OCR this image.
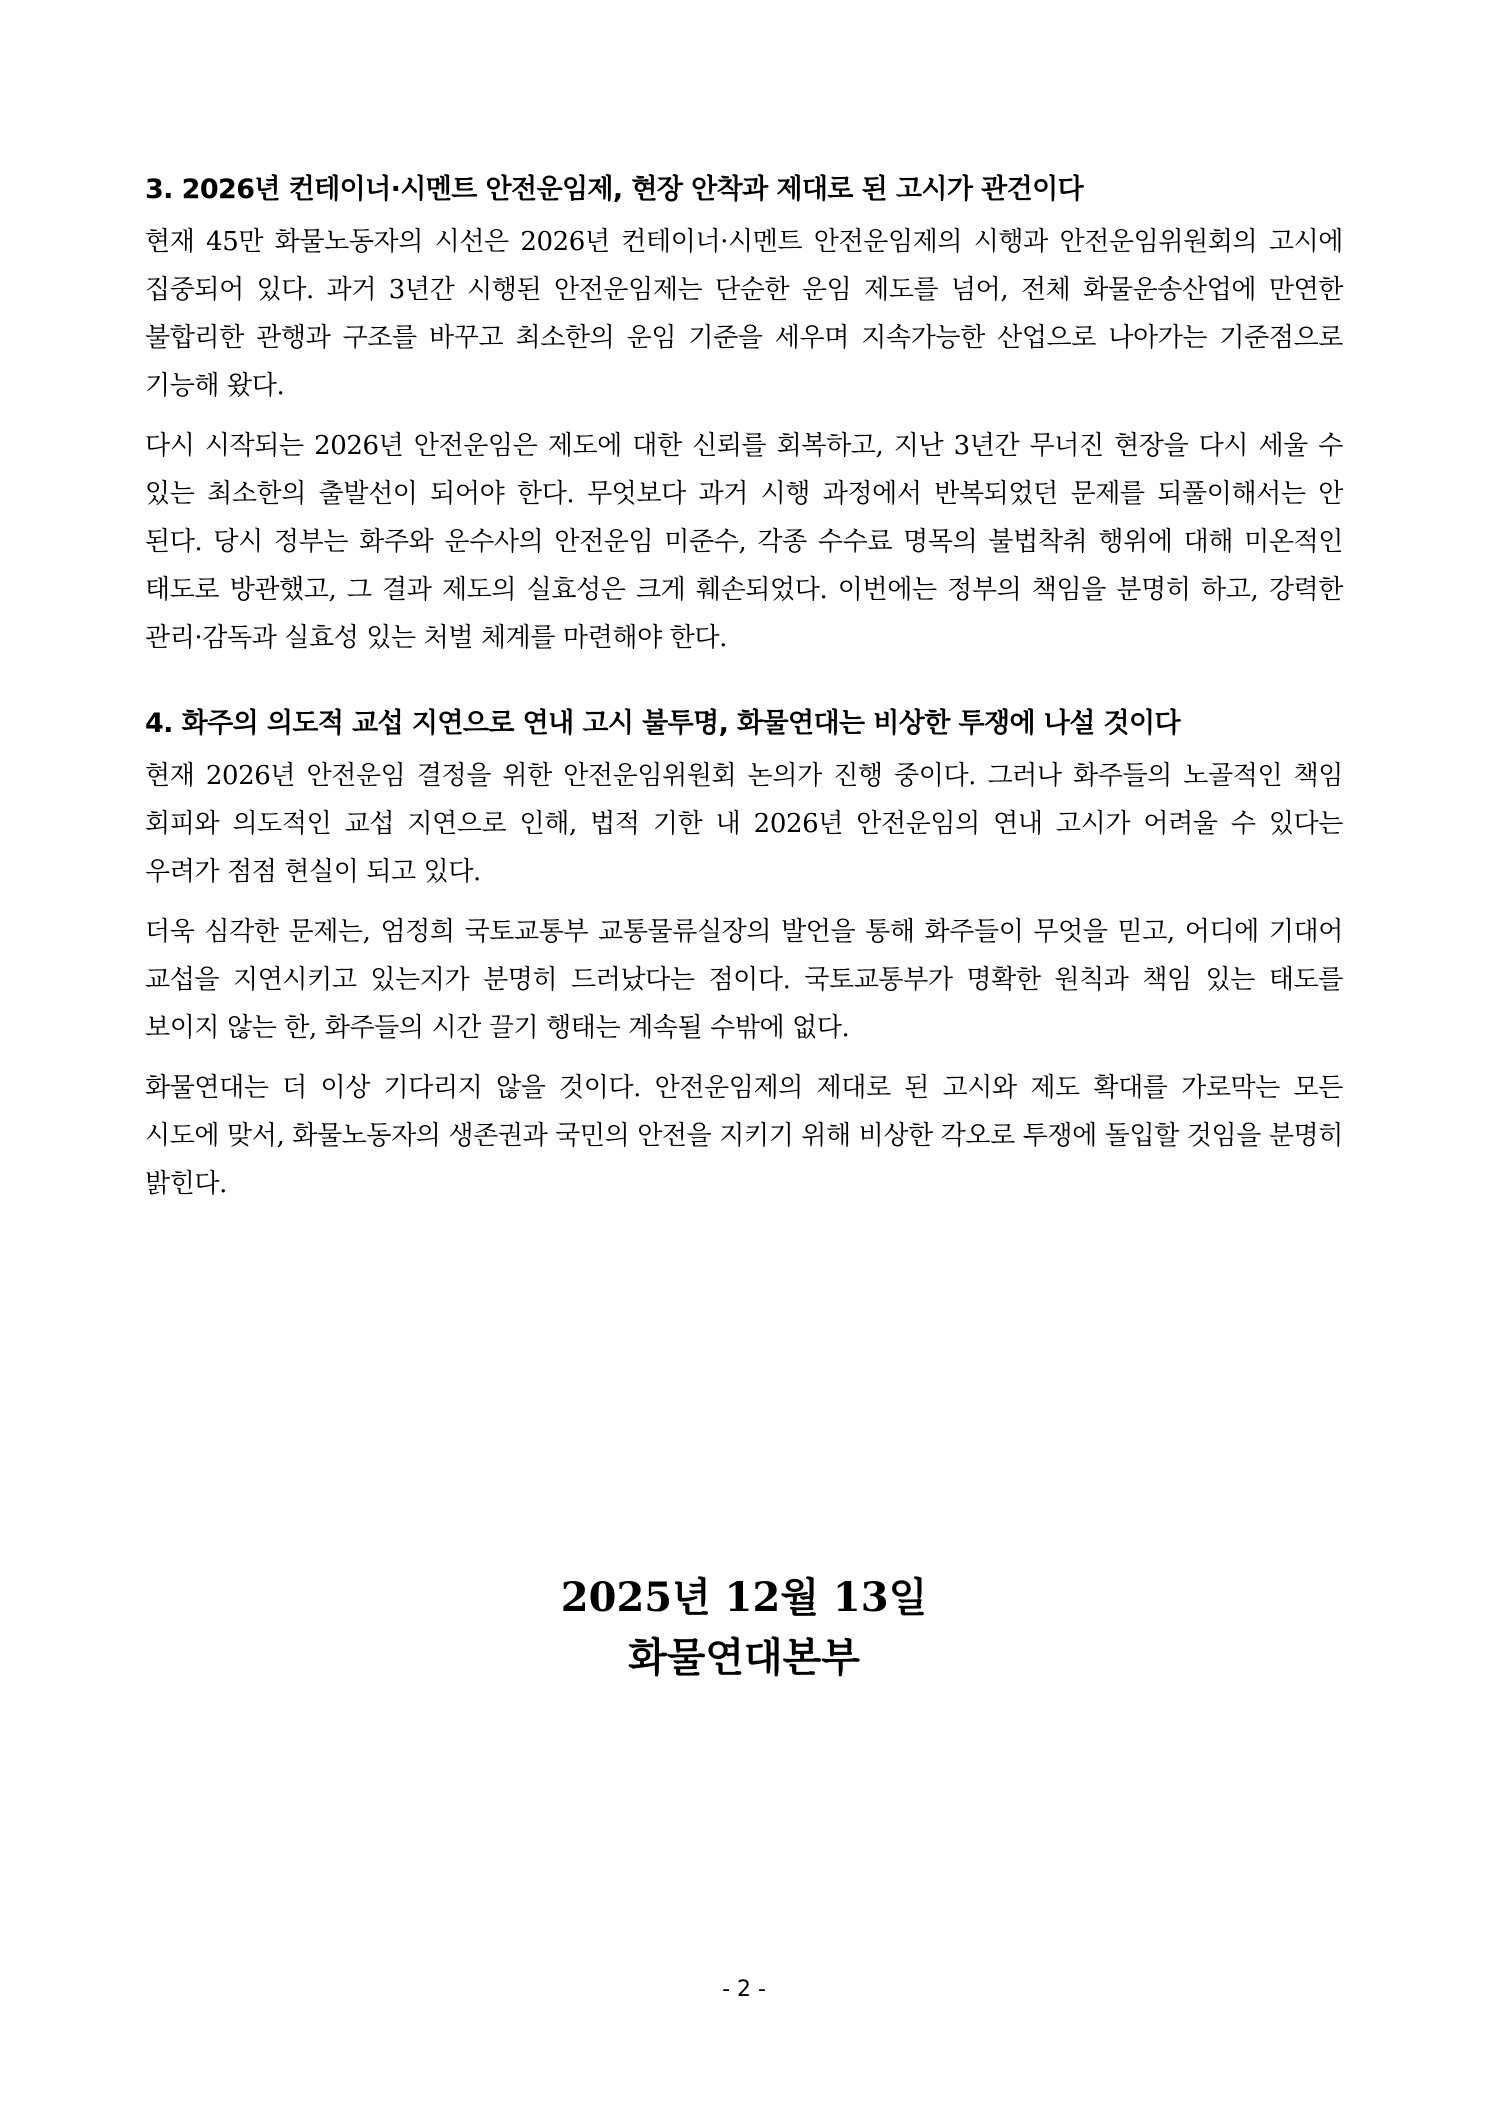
3. 2026년 컨테이너·시멘트 안전운임제, 현장 안착과 제대로 된 고시가 관건이다

현재 45만 화물노동자의 시선은 2026년 컨테이너·시멘트 안전운임제의 시행과 안전운임위원회의 고시에 집중되어 있다. 과거 3년간 시행된 안전운임제는 단순한 운임 제도를 넘어, 전체 화물운송산업에 만연한 불합리한 관행과 구조를 바꾸고 최소한의 운임 기준을 세우며 지속가능한 산업으로 나아가는 기준점으로 기능해 왔다.

다시 시작되는 2026년 안전운임은 제도에 대한 신뢰를 회복하고, 지난 3년간 무너진 현장을 다시 세울 수 있는 최소한의 출발선이 되어야 한다. 무엇보다 과거 시행 과정에서 반복되었던 문제를 되풀이해서는 안 된다. 당시 정부는 화주와 운수사의 안전운임 미준수, 각종 수수료 명목의 불법착취 행위에 대해 미온적인 태도로 방관했고, 그 결과 제도의 실효성은 크게 훼손되었다. 이번에는 정부의 책임을 분명히 하고, 강력한 관리·감독과 실효성 있는 처벌 체계를 마련해야 한다.

4. 화주의 의도적 교섭 지연으로 연내 고시 불투명, 화물연대는 비상한 투쟁에 나설 것이다

현재 2026년 안전운임 결정을 위한 안전운임위원회 논의가 진행 중이다. 그러나 화주들의 노골적인 책임 회피와 의도적인 교섭 지연으로 인해, 법적 기한 내 2026년 안전운임의 연내 고시가 어려울 수 있다는 우려가 점점 현실이 되고 있다.

더욱 심각한 문제는, 엄정희 국토교통부 교통물류실장의 발언을 통해 화주들이 무엇을 믿고, 어디에 기대어 교섭을 지연시키고 있는지가 분명히 드러났다는 점이다. 국토교통부가 명확한 원칙과 책임 있는 태도를 보이지 않는 한, 화주들의 시간 끌기 행태는 계속될 수밖에 없다.

화물연대는 더 이상 기다리지 않을 것이다. 안전운임제의 제대로 된 고시와 제도 확대를 가로막는 모든 시도에 맞서, 화물노동자의 생존권과 국민의 안전을 지키기 위해 비상한 각오로 투쟁에 돌입할 것임을 분명히 밝힌다.

2025년 12월 13일
화물연대본부
- 2 -
